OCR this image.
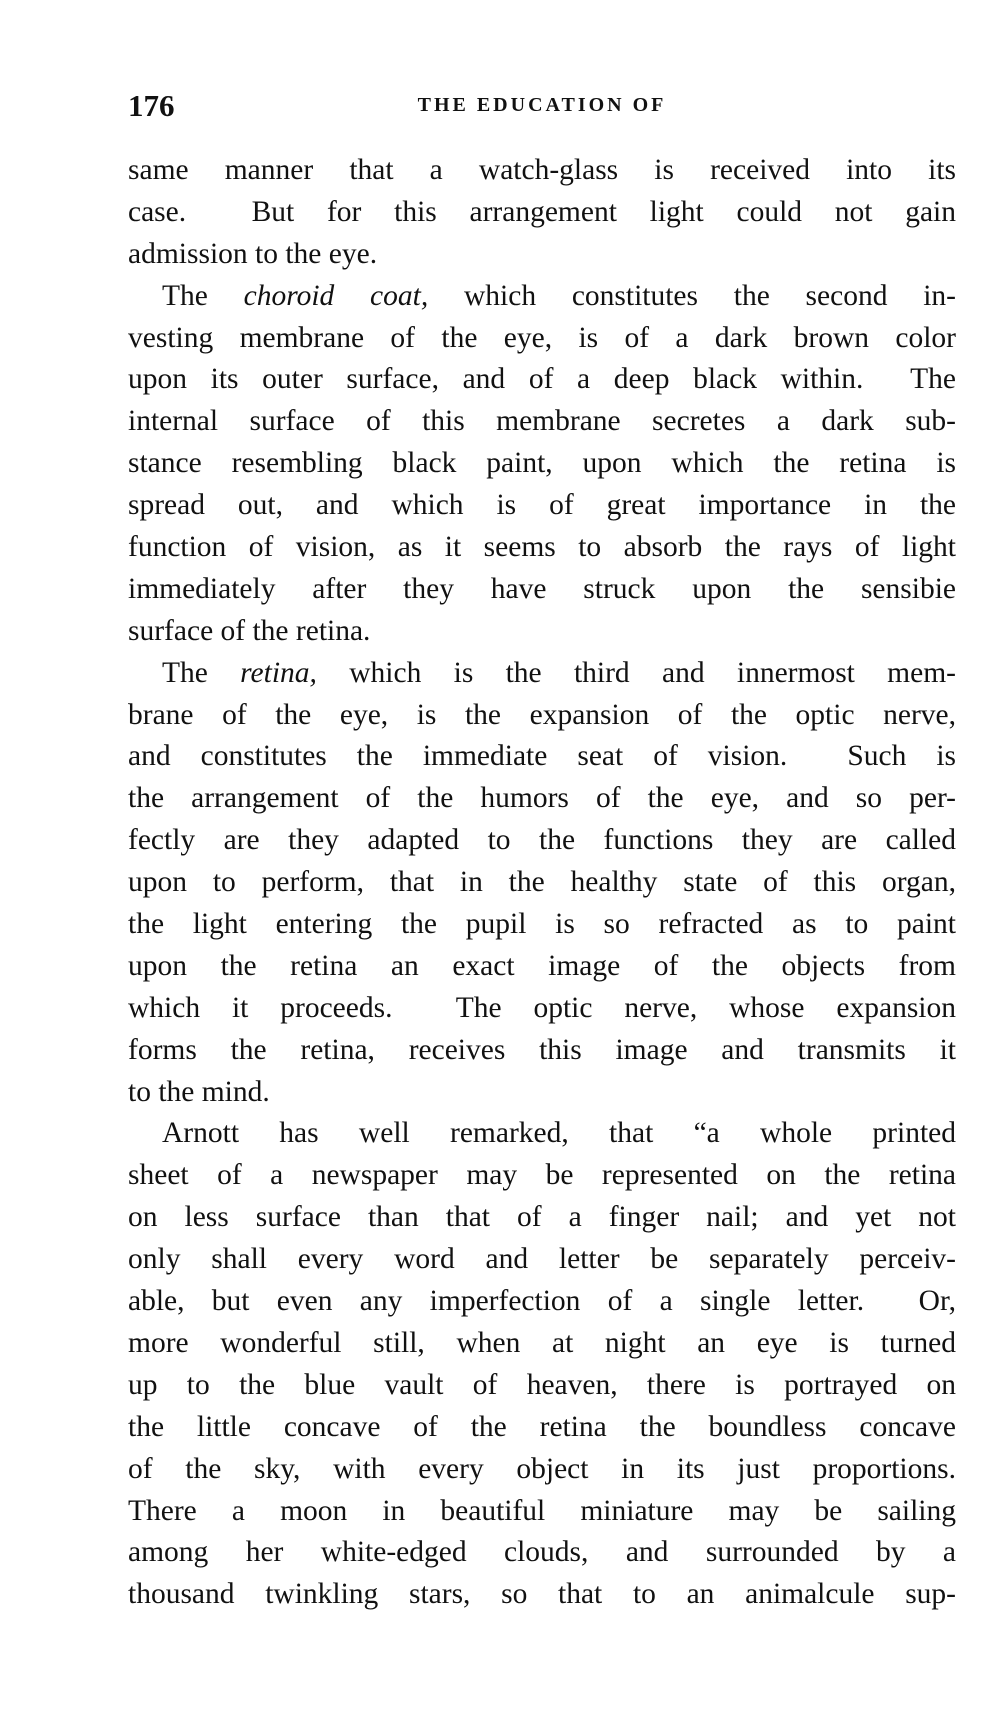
176	THE EDUCATION OF
same manner that a watch-glass is received into its
case.  But for this arrangement light could not gain
admission to the eye.
The choroid coat, which constitutes the second in-
vesting membrane of the eye, is of a dark brown color
upon its outer surface, and of a deep black within.  The
internal surface of this membrane secretes a dark sub-
stance resembling black paint, upon which the retina is
spread out, and which is of great importance in the
function of vision, as it seems to absorb the rays of light
immediately after they have struck upon the sensibie
surface of the retina.
The retina, which is the third and innermost mem-
brane of the eye, is the expansion of the optic nerve,
and constitutes the immediate seat of vision.  Such is
the arrangement of the humors of the eye, and so per-
fectly are they adapted to the functions they are called
upon to perform, that in the healthy state of this organ,
the light entering the pupil is so refracted as to paint
upon the retina an exact image of the objects from
which it proceeds.  The optic nerve, whose expansion
forms the retina, receives this image and transmits it
to the mind.
Arnott has well remarked, that “a whole printed
sheet of a newspaper may be represented on the retina
on less surface than that of a finger nail; and yet not
only shall every word and letter be separately perceiv-
able, but even any imperfection of a single letter.  Or,
more wonderful still, when at night an eye is turned
up to the blue vault of heaven, there is portrayed on
the little concave of the retina the boundless concave
of the sky, with every object in its just proportions.
There a moon in beautiful miniature may be sailing
among her white-edged clouds, and surrounded by a
thousand twinkling stars, so that to an animalcule sup-
